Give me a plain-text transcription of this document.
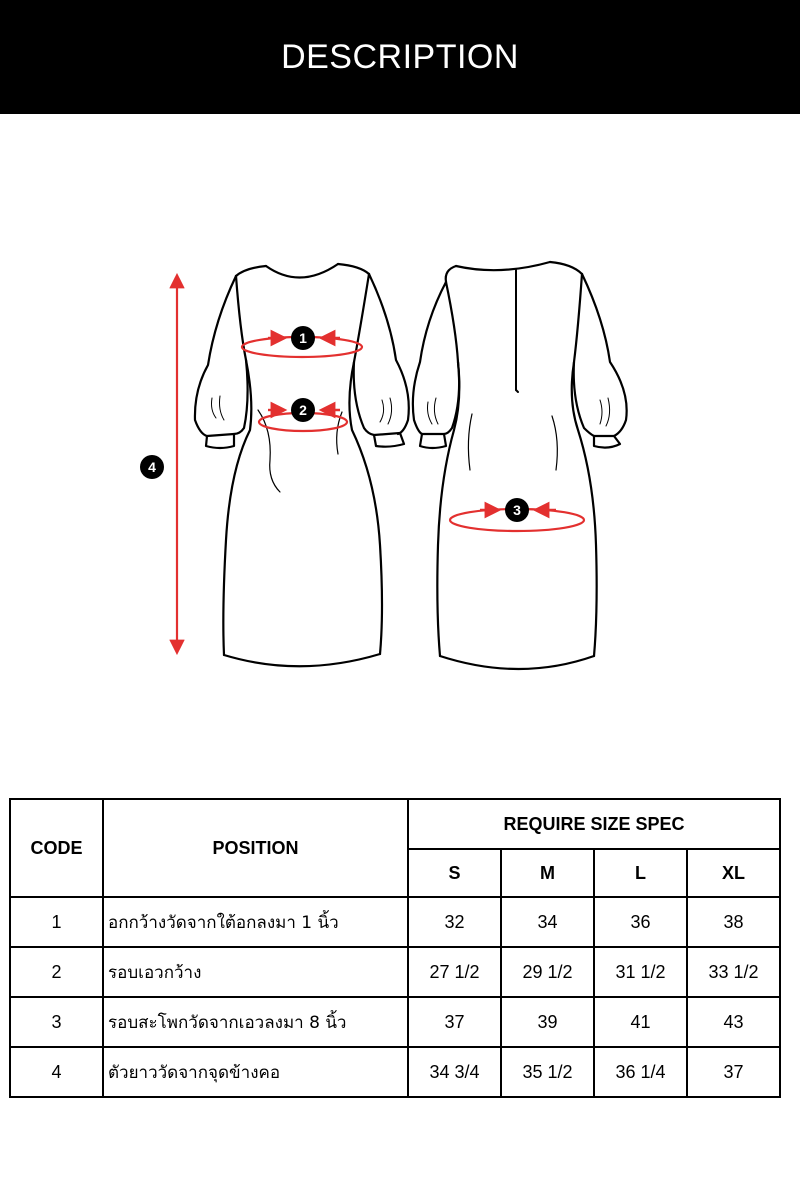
DESCRIPTION
1
2
3
4
CODE	POSITION	REQUIRE SIZE SPEC			
		S	M	L	XL
1	อกกว้างวัดจากใต้อกลงมา 1 นิ้ว	32	34	36	38
2	รอบเอวกว้าง	27 1/2	29 1/2	31 1/2	33 1/2
3	รอบสะโพกวัดจากเอวลงมา 8 นิ้ว	37	39	41	43
4	ตัวยาววัดจากจุดข้างคอ	34 3/4	35 1/2	36 1/4	37
